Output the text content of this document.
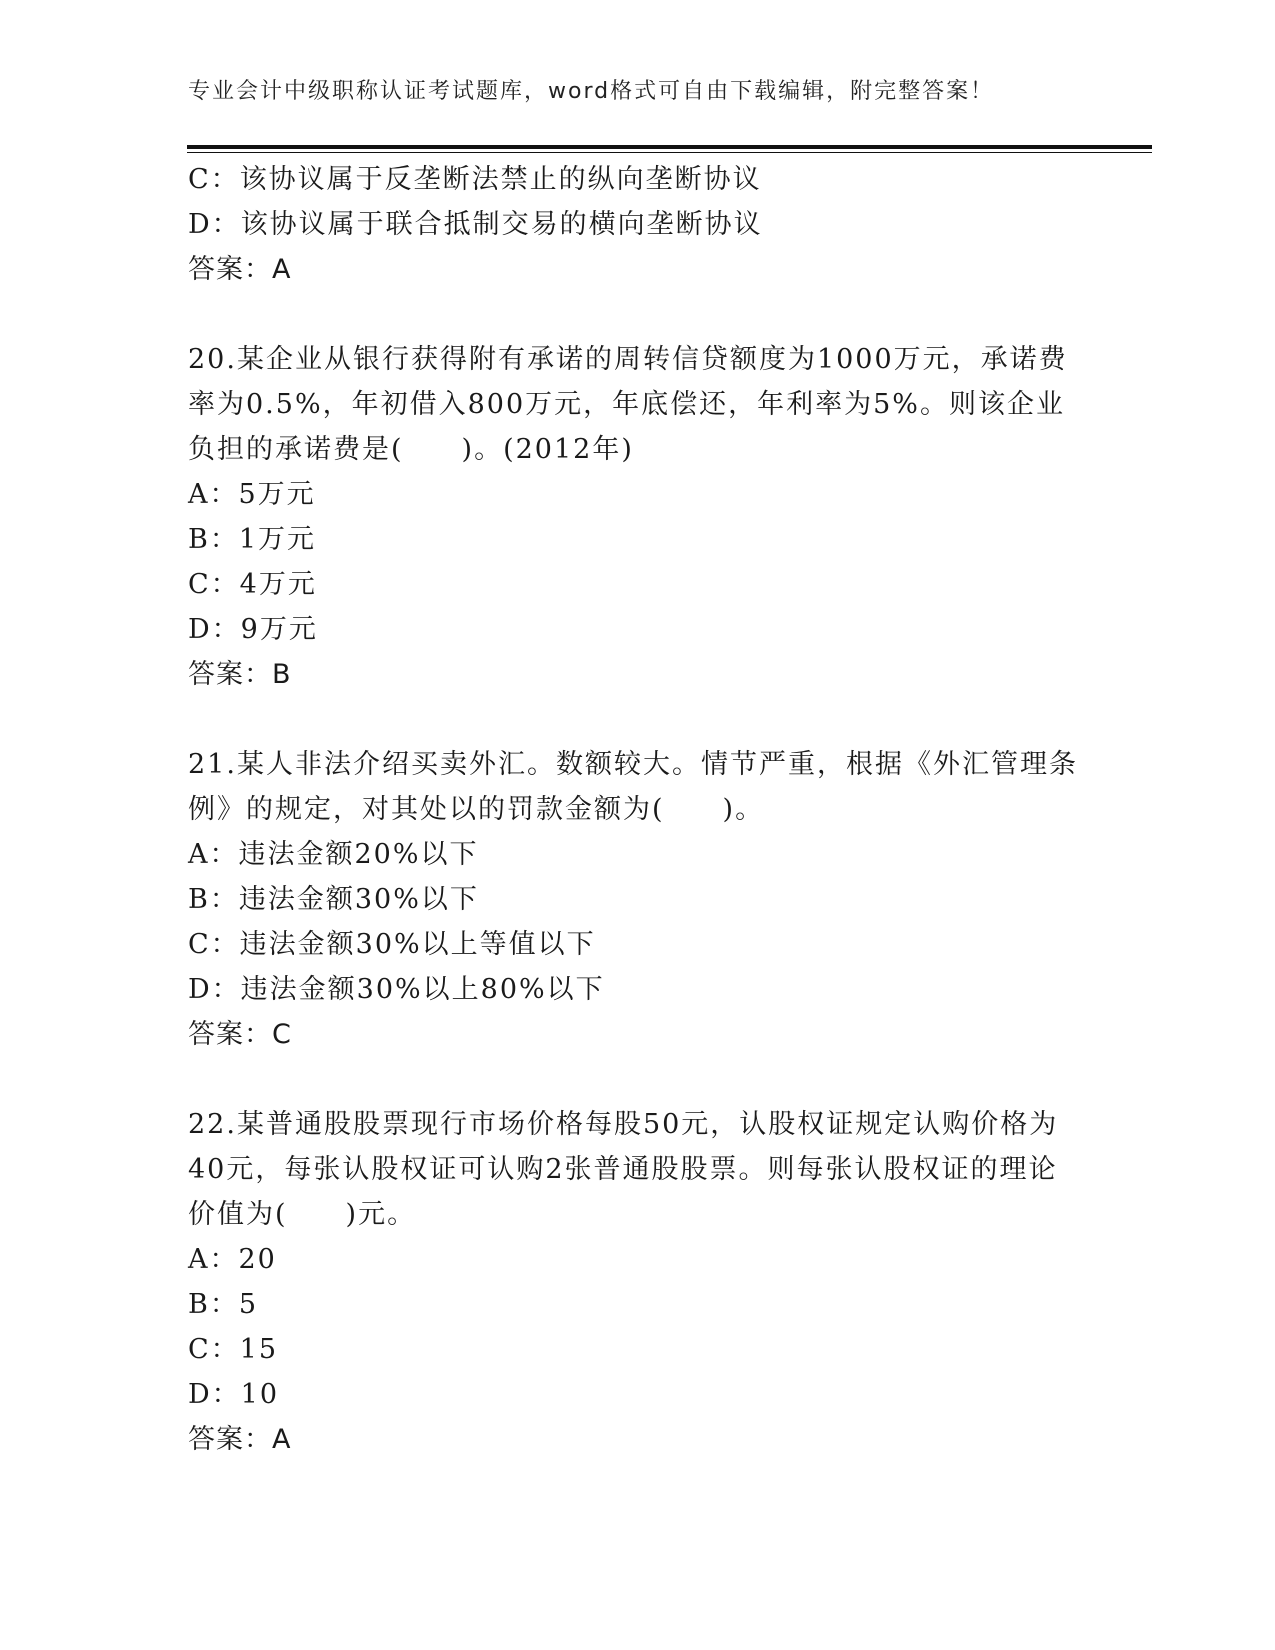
专业会计中级职称认证考试题库，word格式可自由下载编辑，附完整答案！
C：该协议属于反垄断法禁止的纵向垄断协议
D：该协议属于联合抵制交易的横向垄断协议
答案：A
20.某企业从银行获得附有承诺的周转信贷额度为1000万元，承诺费
率为0.5%，年初借入800万元，年底偿还，年利率为5%。则该企业
负担的承诺费是(　　)。(2012年)
A：5万元
B：1万元
C：4万元
D：9万元
答案：B
21.某人非法介绍买卖外汇。数额较大。情节严重，根据《外汇管理条
例》的规定，对其处以的罚款金额为(　　)。
A：违法金额20%以下
B：违法金额30%以下
C：违法金额30%以上等值以下
D：违法金额30%以上80%以下
答案：C
22.某普通股股票现行市场价格每股50元，认股权证规定认购价格为
40元，每张认股权证可认购2张普通股股票。则每张认股权证的理论
价值为(　　)元。
A：20
B：5
C：15
D：10
答案：A
